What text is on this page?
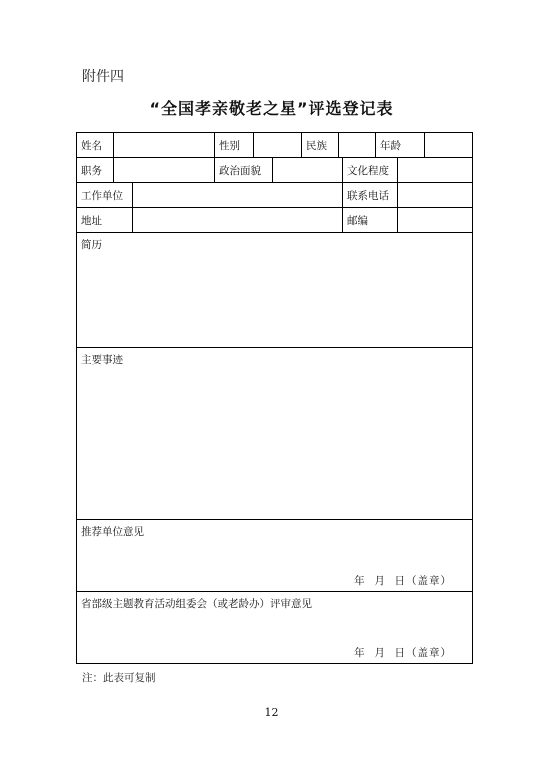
附件四
“全国孝亲敬老之星”评选登记表
姓名			性别			民族			年龄		
职务			政治面貌					文化程度			
工作单位								联系电话			
地址								邮编			
简历											
主要事迹											
推荐单位意见
年  月  日（盖章）											

省部级主题教育活动组委会（或老龄办）评审意见
年  月  日（盖章）											
注：此表可复制
12
